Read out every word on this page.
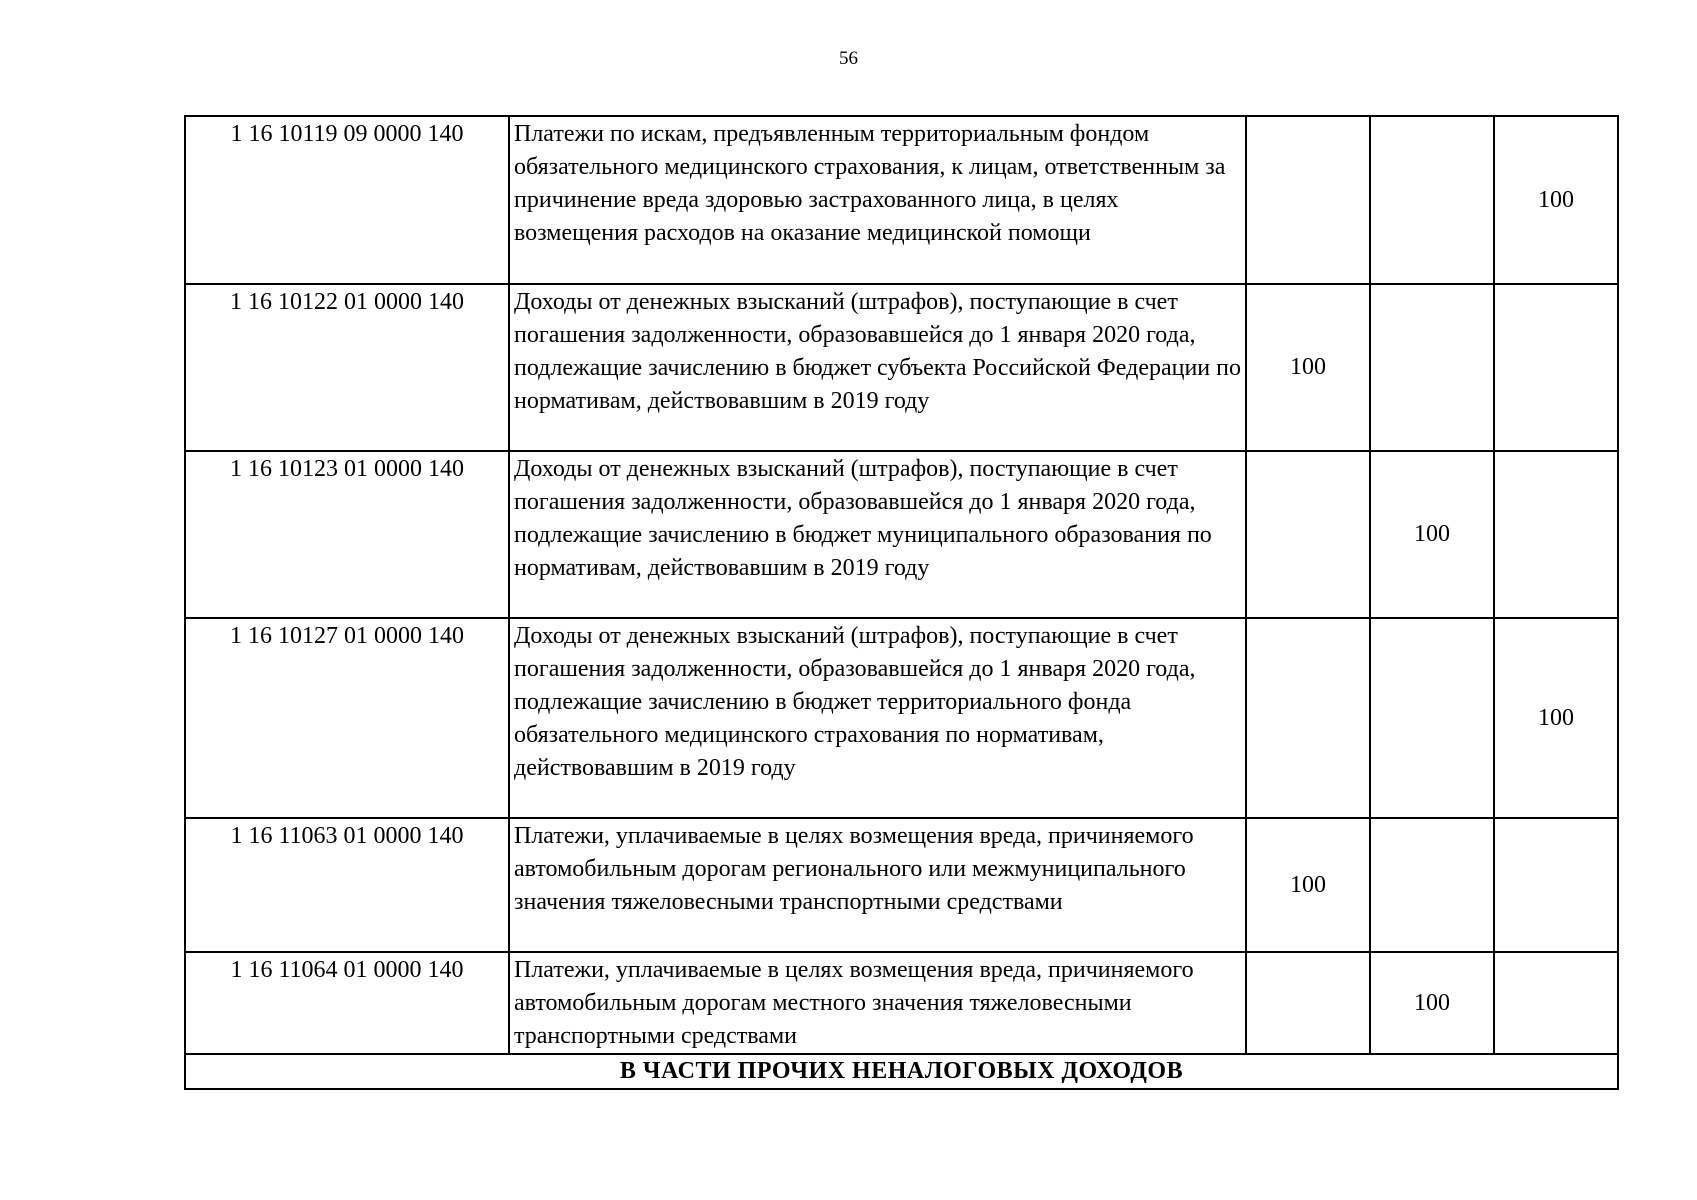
56
1 16 10119 09 0000 140	Платежи по искам, предъявленным территориальным фондом обязательного медицинского страхования, к лицам, ответственным за причинение вреда здоровью застрахованного лица, в целях возмещения расходов на оказание медицинской помощи			100
1 16 10122 01 0000 140	Доходы от денежных взысканий (штрафов), поступающие в счет погашения задолженности, образовавшейся до 1 января 2020 года, подлежащие зачислению в бюджет субъекта Российской Федерации по нормативам, действовавшим в 2019 году	100		
1 16 10123 01 0000 140	Доходы от денежных взысканий (штрафов), поступающие в счет погашения задолженности, образовавшейся до 1 января 2020 года, подлежащие зачислению в бюджет муниципального образования по нормативам, действовавшим в 2019 году		100	
1 16 10127 01 0000 140	Доходы от денежных взысканий (штрафов), поступающие в счет погашения задолженности, образовавшейся до 1 января 2020 года, подлежащие зачислению в бюджет территориального фонда обязательного медицинского страхования по нормативам, действовавшим в 2019 году			100
1 16 11063 01 0000 140	Платежи, уплачиваемые в целях возмещения вреда, причиняемого автомобильным дорогам регионального или межмуниципального значения тяжеловесными транспортными средствами	100		
1 16 11064 01 0000 140	Платежи, уплачиваемые в целях возмещения вреда, причиняемого автомобильным дорогам местного значения тяжеловесными транспортными средствами		100	
В ЧАСТИ ПРОЧИХ НЕНАЛОГОВЫХ ДОХОДОВ				
